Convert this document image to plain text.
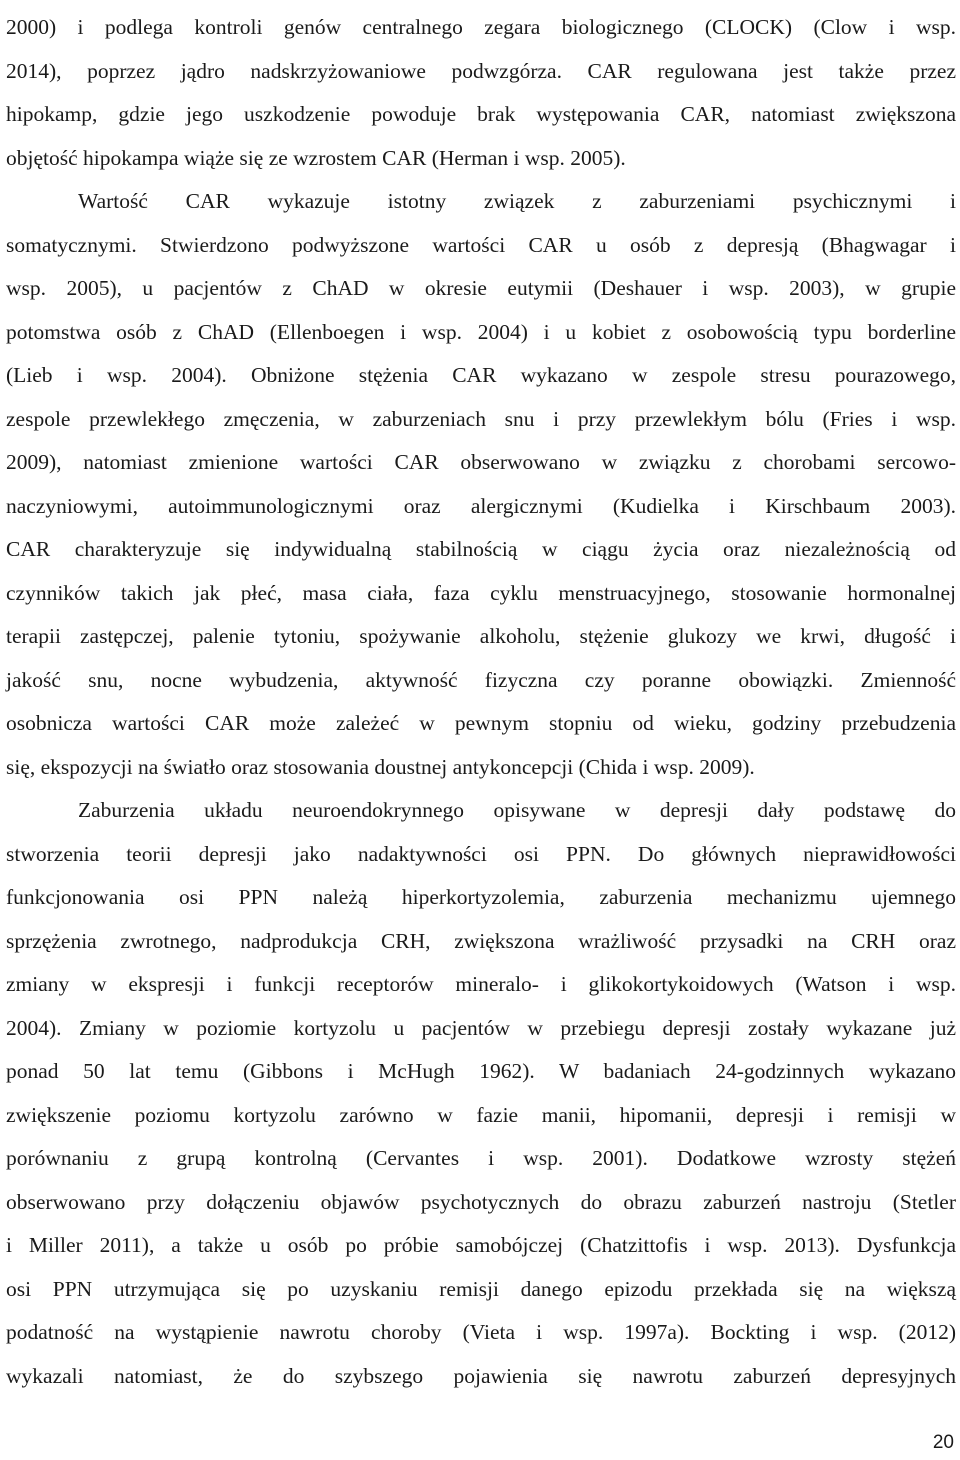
2000) i podlega kontroli genów centralnego zegara biologicznego (CLOCK) (Clow i wsp.
2014), poprzez jądro nadskrzyżowaniowe podwzgórza. CAR regulowana jest także przez
hipokamp, gdzie jego uszkodzenie powoduje brak występowania CAR, natomiast zwiększona
objętość hipokampa wiąże się ze wzrostem CAR (Herman i wsp. 2005).
Wartość CAR wykazuje istotny związek z zaburzeniami psychicznymi i
somatycznymi. Stwierdzono podwyższone wartości CAR u osób z depresją (Bhagwagar i
wsp. 2005), u pacjentów z ChAD w okresie eutymii (Deshauer i wsp. 2003), w grupie
potomstwa osób z ChAD (Ellenboegen i wsp. 2004) i u kobiet z osobowością typu borderline
(Lieb i wsp. 2004). Obniżone stężenia CAR wykazano w zespole stresu pourazowego,
zespole przewlekłego zmęczenia, w zaburzeniach snu i przy przewlekłym bólu (Fries i wsp.
2009), natomiast zmienione wartości CAR obserwowano w związku z chorobami sercowo-
naczyniowymi, autoimmunologicznymi oraz alergicznymi (Kudielka i Kirschbaum 2003).
CAR charakteryzuje się indywidualną stabilnością w ciągu życia oraz niezależnością od
czynników takich jak płeć, masa ciała, faza cyklu menstruacyjnego, stosowanie hormonalnej
terapii zastępczej, palenie tytoniu, spożywanie alkoholu, stężenie glukozy we krwi, długość i
jakość snu, nocne wybudzenia, aktywność fizyczna czy poranne obowiązki. Zmienność
osobnicza wartości CAR może zależeć w pewnym stopniu od wieku, godziny przebudzenia
się, ekspozycji na światło oraz stosowania doustnej antykoncepcji (Chida i wsp. 2009).
Zaburzenia układu neuroendokrynnego opisywane w depresji dały podstawę do
stworzenia teorii depresji jako nadaktywności osi PPN. Do głównych nieprawidłowości
funkcjonowania osi PPN należą hiperkortyzolemia, zaburzenia mechanizmu ujemnego
sprzężenia zwrotnego, nadprodukcja CRH, zwiększona wrażliwość przysadki na CRH oraz
zmiany w ekspresji i funkcji receptorów mineralo- i glikokortykoidowych (Watson i wsp.
2004). Zmiany w poziomie kortyzolu u pacjentów w przebiegu depresji zostały wykazane już
ponad 50 lat temu (Gibbons i McHugh 1962). W badaniach 24-godzinnych wykazano
zwiększenie poziomu kortyzolu zarówno w fazie manii, hipomanii, depresji i remisji w
porównaniu z grupą kontrolną (Cervantes i wsp. 2001). Dodatkowe wzrosty stężeń
obserwowano przy dołączeniu objawów psychotycznych do obrazu zaburzeń nastroju (Stetler
i Miller 2011), a także u osób po próbie samobójczej (Chatzittofis i wsp. 2013). Dysfunkcja
osi PPN utrzymująca się po uzyskaniu remisji danego epizodu przekłada się na większą
podatność na wystąpienie nawrotu choroby (Vieta i wsp. 1997a). Bockting i wsp. (2012)
wykazali natomiast, że do szybszego pojawienia się nawrotu zaburzeń depresyjnych
20
